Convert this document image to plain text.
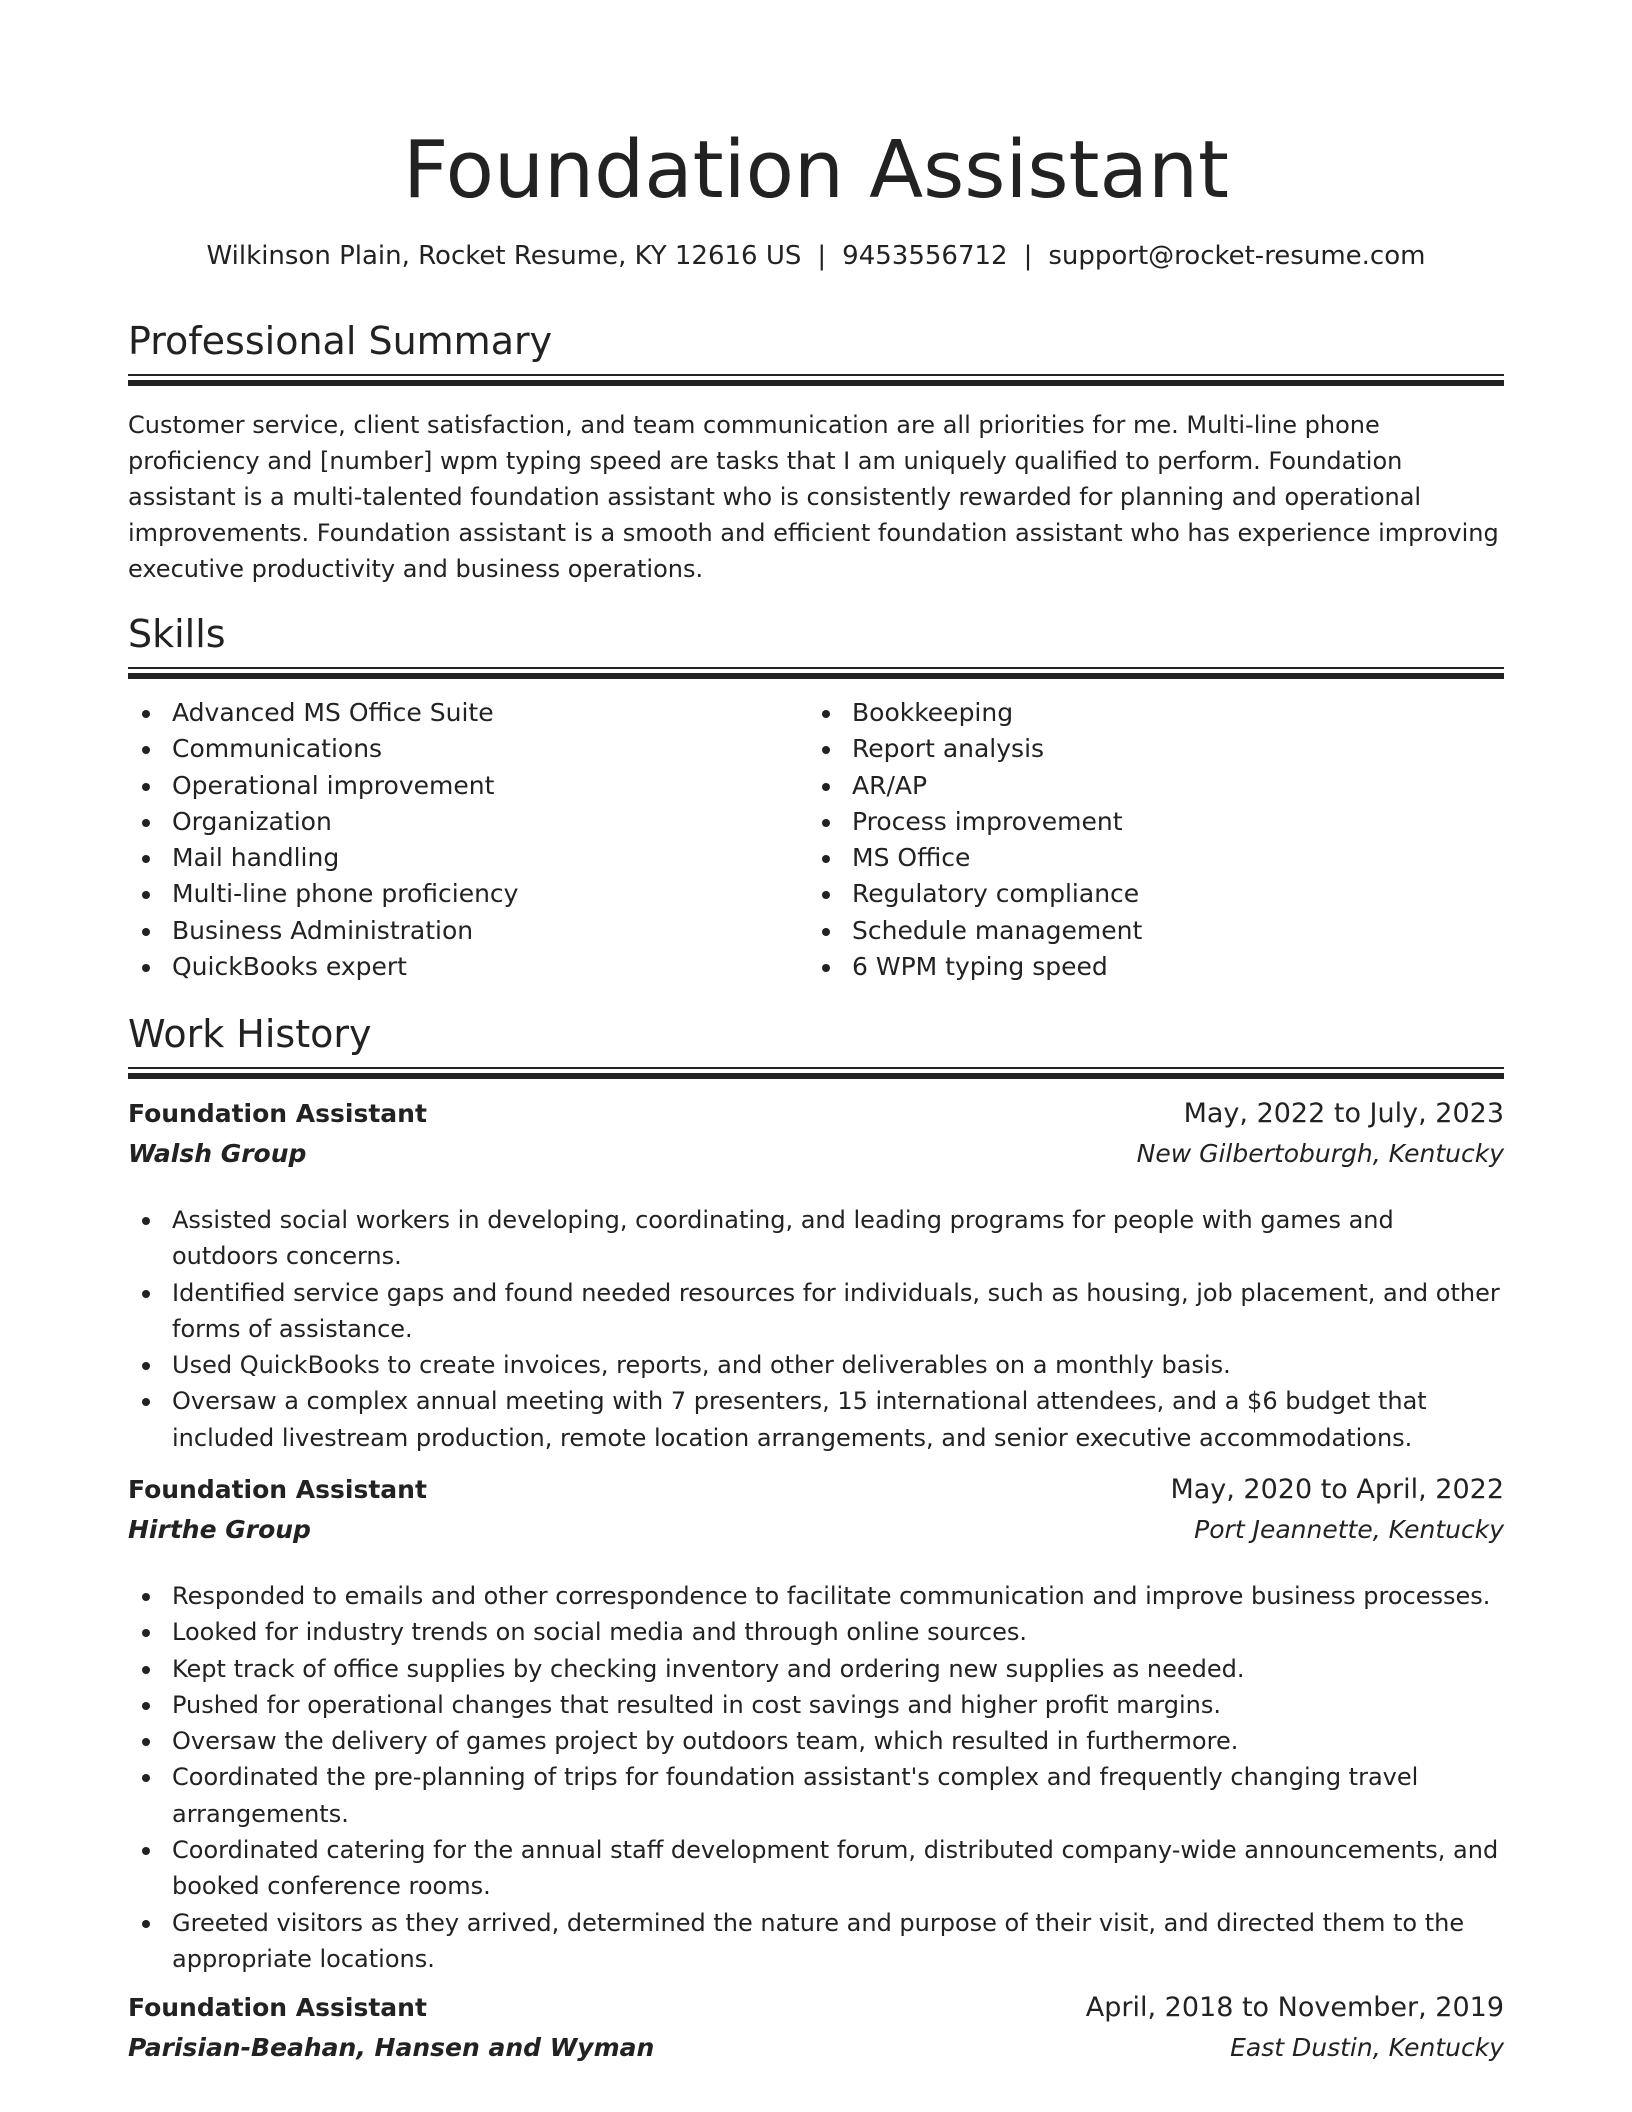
Foundation Assistant
Wilkinson Plain, Rocket Resume, KY 12616 US | 9453556712 | support@rocket-resume.com
Professional Summary

Customer service, client satisfaction, and team communication are all priorities for me. Multi-line phone proficiency and [number] wpm typing speed are tasks that I am uniquely qualified to perform. Foundation assistant is a multi-talented foundation assistant who is consistently rewarded for planning and operational improvements. Foundation assistant is a smooth and efficient foundation assistant who has experience improving executive productivity and business operations.

Skills
Advanced MS Office Suite
Communications
Operational improvement
Organization
Mail handling
Multi-line phone proficiency
Business Administration
QuickBooks expert
Bookkeeping
Report analysis
AR/AP
Process improvement
MS Office
Regulatory compliance
Schedule management
6 WPM typing speed
Work History
Foundation Assistant	May, 2022 to July, 2023
Walsh Group	New Gilbertoburgh, Kentucky
Assisted social workers in developing, coordinating, and leading programs for people with games and outdoors concerns.
Identified service gaps and found needed resources for individuals, such as housing, job placement, and other forms of assistance.
Used QuickBooks to create invoices, reports, and other deliverables on a monthly basis.
Oversaw a complex annual meeting with 7 presenters, 15 international attendees, and a $6 budget that included livestream production, remote location arrangements, and senior executive accommodations.
Foundation Assistant	May, 2020 to April, 2022
Hirthe Group	Port Jeannette, Kentucky
Responded to emails and other correspondence to facilitate communication and improve business processes.
Looked for industry trends on social media and through online sources.
Kept track of office supplies by checking inventory and ordering new supplies as needed.
Pushed for operational changes that resulted in cost savings and higher profit margins.
Oversaw the delivery of games project by outdoors team, which resulted in furthermore.
Coordinated the pre-planning of trips for foundation assistant's complex and frequently changing travel arrangements.
Coordinated catering for the annual staff development forum, distributed company-wide announcements, and booked conference rooms.
Greeted visitors as they arrived, determined the nature and purpose of their visit, and directed them to the appropriate locations.
Foundation Assistant	April, 2018 to November, 2019
Parisian-Beahan, Hansen and Wyman	East Dustin, Kentucky
